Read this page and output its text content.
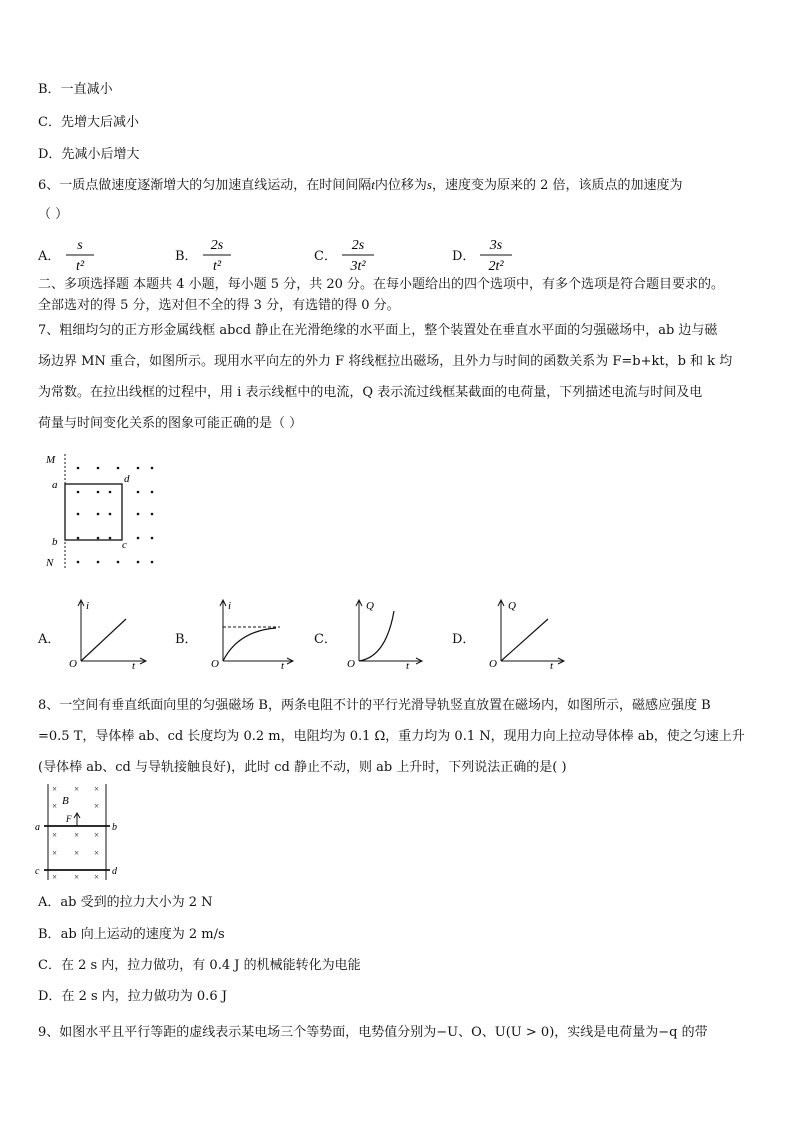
B．一直减小
C．先增大后减小
D．先减小后增大
6、一质点做速度逐渐增大的匀加速直线运动，在时间间隔t内位移为s，速度变为原来的 2 倍，该质点的加速度为
（ ）
A．
s
t²
B．
2s
t²
C．
2s
3t²
D．
3s
2t²
二、多项选择题 本题共 4 小题，每小题 5 分，共 20 分。在每小题给出的四个选项中，有多个选项是符合题目要求的。
全部选对的得 5 分，选对但不全的得 3 分，有选错的得 0 分。
7、粗细均匀的正方形金属线框 abcd 静止在光滑绝缘的水平面上，整个装置处在垂直水平面的匀强磁场中，ab 边与磁
场边界 MN 重合，如图所示。现用水平向左的外力 F 将线框拉出磁场，且外力与时间的函数关系为 F=b+kt，b 和 k 均
为常数。在拉出线框的过程中，用 i 表示线框中的电流，Q 表示流过线框某截面的电荷量，下列描述电流与时间及电
荷量与时间变化关系的图象可能正确的是（ ）
M
a	d
b	c
N
A．
i
t
O
B．
i
t
O
C．
Q
t
O
D．
Q
t
O
8、一空间有垂直纸面向里的匀强磁场 B，两条电阻不计的平行光滑导轨竖直放置在磁场内，如图所示，磁感应强度 B
=0.5 T，导体棒 ab、cd 长度均为 0.2 m，电阻均为 0.1 Ω，重力均为 0.1 N，现用力向上拉动导体棒 ab，使之匀速上升
(导体棒 ab、cd 与导轨接触良好)，此时 cd 静止不动，则 ab 上升时，下列说法正确的是( )
× × ×
×	×
× × ×
× × ×
× × ×
B
F
a	b
c	d
A．ab 受到的拉力大小为 2 N
B．ab 向上运动的速度为 2 m/s
C．在 2 s 内，拉力做功，有 0.4 J 的机械能转化为电能
D．在 2 s 内，拉力做功为 0.6 J
9、如图水平且平行等距的虚线表示某电场三个等势面，电势值分别为−U、O、U(U > 0)，实线是电荷量为−q 的带
